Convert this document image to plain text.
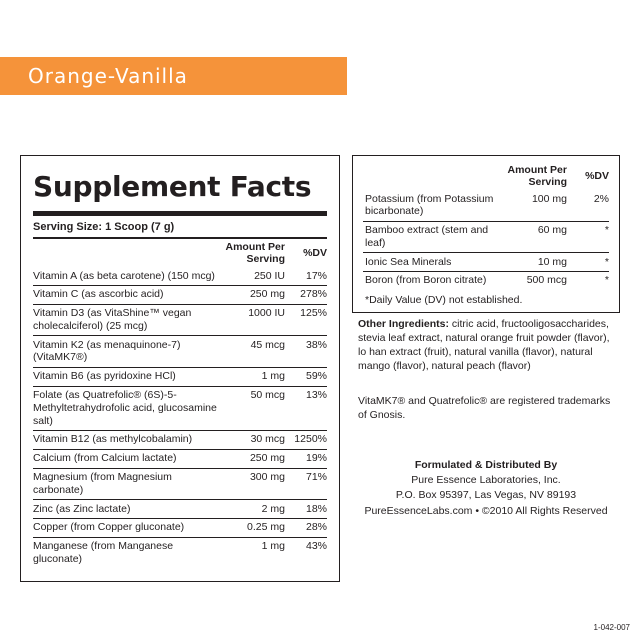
Orange-Vanilla
Supplement Facts
Serving Size: 1 Scoop (7 g)
	Amount Per Serving	%DV
Vitamin A (as beta carotene) (150 mcg)	250 IU	17%
Vitamin C (as ascorbic acid)	250 mg	278%
Vitamin D3 (as VitaShine™ vegan cholecalciferol) (25 mcg)	1000 IU	125%
Vitamin K2 (as menaquinone-7) (VitaMK7®)	45 mcg	38%
Vitamin B6 (as pyridoxine HCl)	1 mg	59%
Folate (as Quatrefolic® (6S)-5-Methyltetrahydrofolic acid, glucosamine salt)	50 mcg	13%
Vitamin B12 (as methylcobalamin)	30 mcg	1250%
Calcium (from Calcium lactate)	250 mg	19%
Magnesium (from Magnesium carbonate)	300 mg	71%
Zinc (as Zinc lactate)	2 mg	18%
Copper (from Copper gluconate)	0.25 mg	28%
Manganese (from Manganese gluconate)	1 mg	43%
	Amount Per Serving	%DV
Potassium (from Potassium bicarbonate)	100 mg	2%
Bamboo extract (stem and leaf)	60 mg	*
Ionic Sea Minerals	10 mg	*
Boron (from Boron citrate)	500 mcg	*
*Daily Value (DV) not established.
Other Ingredients: citric acid, fructooligosaccharides, stevia leaf extract, natural orange fruit powder (flavor), lo han extract (fruit), natural vanilla (flavor), natural mango (flavor), natural peach (flavor)
VitaMK7® and Quatrefolic® are registered trademarks of Gnosis.
Formulated & Distributed By
Pure Essence Laboratories, Inc.
P.O. Box 95397, Las Vegas, NV 89193
PureEssenceLabs.com • ©2010 All Rights Reserved
1-042-007
